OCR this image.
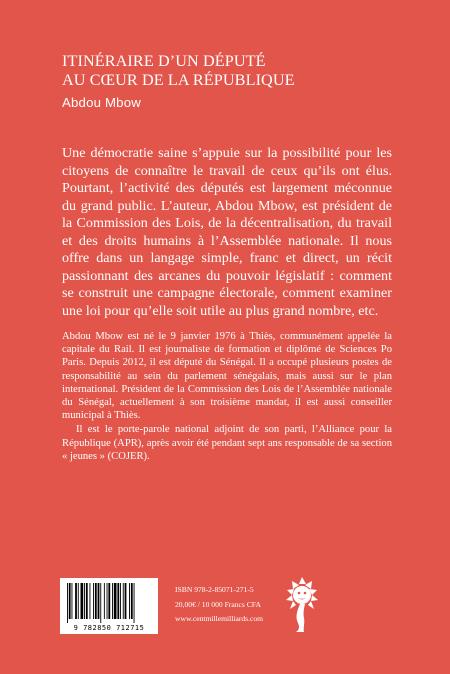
ITINÉRAIRE D’UN DÉPUTÉ
AU CŒUR DE LA RÉPUBLIQUE
Abdou Mbow

Une démocratie saine s’appuie sur la possibilité pour les citoyens de connaître le travail de ceux qu’ils ont élus. Pourtant, l’activité des députés est largement méconnue du grand public. L’auteur, Abdou Mbow, est président de la Commission des Lois, de la décentralisation, du travail et des droits humains à l’Assemblée nationale. Il nous offre dans un langage simple, franc et direct, un récit passionnant des arcanes du pouvoir législatif : comment se construit une campagne électorale, comment examiner une loi pour qu’elle soit utile au plus grand nombre, etc.

Abdou Mbow est né le 9 janvier 1976 à Thiès, communément appelée la capitale du Rail. Il est journaliste de formation et diplômé de Sciences Po Paris. Depuis 2012, il est député du Sénégal. Il a occupé plusieurs postes de responsabilité au sein du parlement sénégalais, mais aussi sur le plan international. Président de la Commission des Lois de l’Assemblée nationale du Sénégal, actuellement à son troisième mandat, il est aussi conseiller municipal à Thiès.

Il est le porte-parole national adjoint de son parti, l’Alliance pour la République (APR), après avoir été pendant sept ans responsable de sa section « jeunes » (COJER).

9 782850 712715
ISBN 978-2-85071-271-5
20,00€ / 10 000 Francs CFA
www.centmillemilliards.com
